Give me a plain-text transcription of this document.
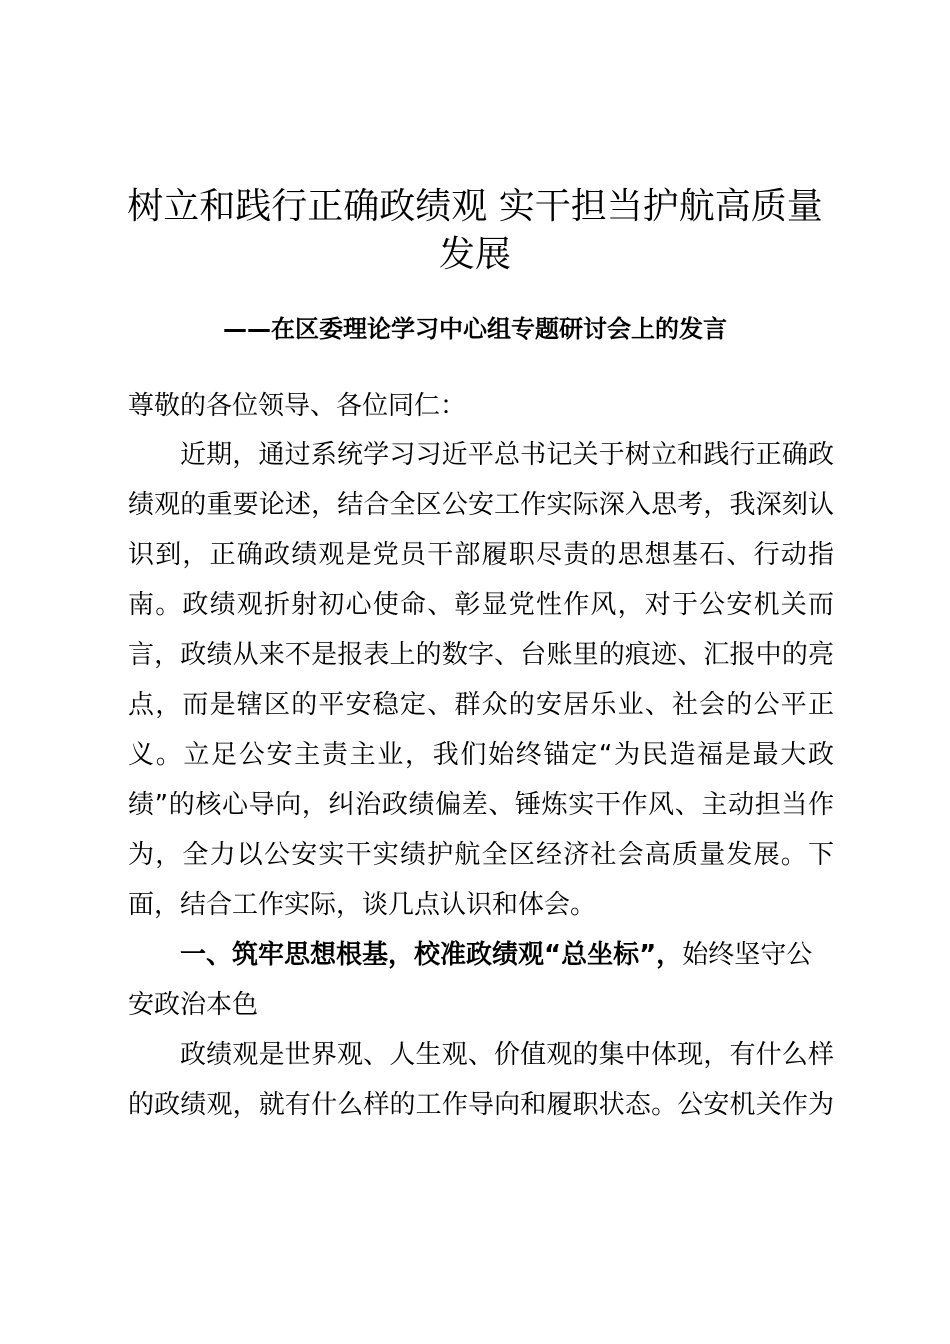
树立和践行正确政绩观 实干担当护航高质量
发展
——在区委理论学习中心组专题研讨会上的发言
尊敬的各位领导、各位同仁：
近期，通过系统学习习近平总书记关于树立和践行正确政
绩观的重要论述，结合全区公安工作实际深入思考，我深刻认
识到，正确政绩观是党员干部履职尽责的思想基石、行动指
南。政绩观折射初心使命、彰显党性作风，对于公安机关而
言，政绩从来不是报表上的数字、台账里的痕迹、汇报中的亮
点，而是辖区的平安稳定、群众的安居乐业、社会的公平正
义。立足公安主责主业，我们始终锚定“为民造福是最大政
绩”的核心导向，纠治政绩偏差、锤炼实干作风、主动担当作
为，全力以公安实干实绩护航全区经济社会高质量发展。下
面，结合工作实际，谈几点认识和体会。
一、筑牢思想根基，校准政绩观“总坐标”，始终坚守公
安政治本色
政绩观是世界观、人生观、价值观的集中体现，有什么样
的政绩观，就有什么样的工作导向和履职状态。公安机关作为
